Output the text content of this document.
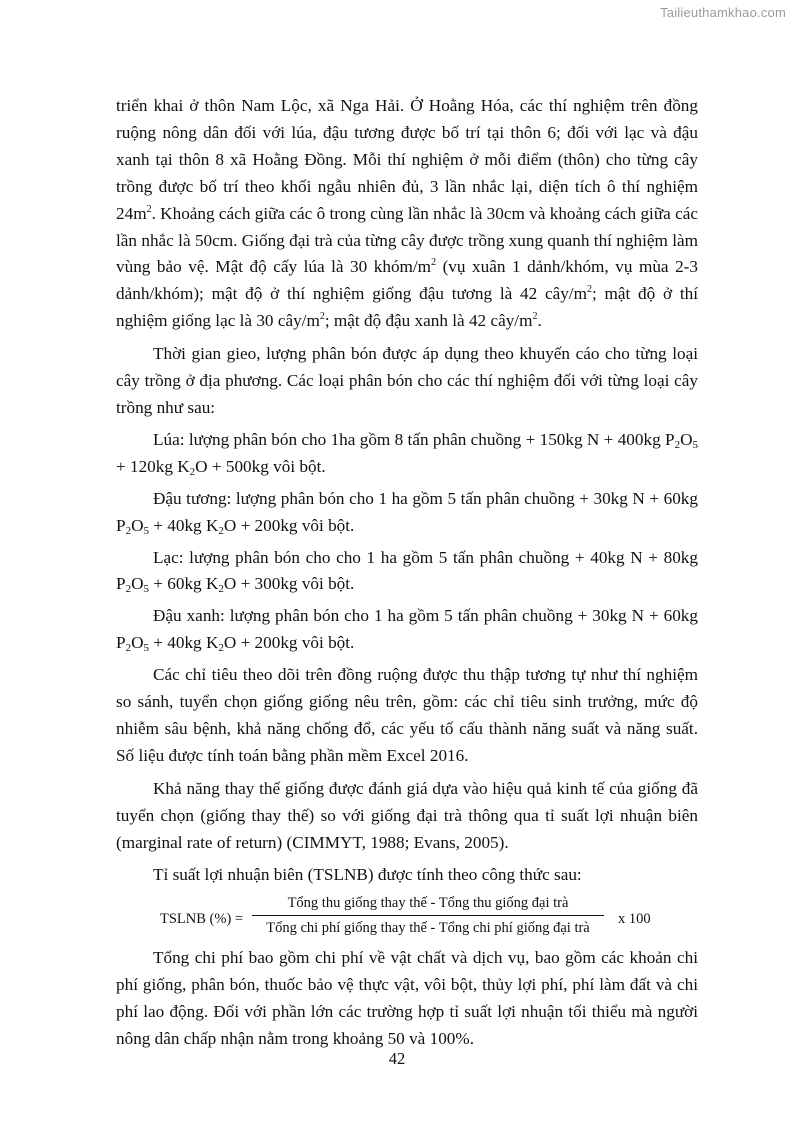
Tailieuthamkhao.com

triển khai ở thôn Nam Lộc, xã Nga Hải. Ở Hoằng Hóa, các thí nghiệm trên đồng ruộng nông dân đối với lúa, đậu tương được bố trí tại thôn 6; đối với lạc và đậu xanh tại thôn 8 xã Hoằng Đồng. Mỗi thí nghiệm ở mỗi điểm (thôn) cho từng cây trồng được bố trí theo khối ngẫu nhiên đủ, 3 lần nhắc lại, diện tích ô thí nghiệm $24m^2$. Khoảng cách giữa các ô trong cùng lần nhắc là 30cm và khoảng cách giữa các lần nhắc là 50cm. Giống đại trà của từng cây được trồng xung quanh thí nghiệm làm vùng bảo vệ. Mật độ cấy lúa là 30 khóm/$m^2$ (vụ xuân 1 dảnh/khóm, vụ mùa 2-3 dảnh/khóm); mật độ ở thí nghiệm giống đậu tương là 42 cây/$m^2$; mật độ ở thí nghiệm giống lạc là 30 cây/$m^2$; mật độ đậu xanh là 42 cây/$m^2$.

Thời gian gieo, lượng phân bón được áp dụng theo khuyến cáo cho từng loại cây trồng ở địa phương. Các loại phân bón cho các thí nghiệm đối với từng loại cây trồng như sau:

Lúa: lượng phân bón cho 1ha gồm 8 tấn phân chuồng + 150kg N + 400kg $P_2O_5 + 120kg$ $K_2O + 500kg$ vôi bột.

Đậu tương: lượng phân bón cho 1 ha gồm 5 tấn phân chuồng + 30kg N + 60kg $P_2O_5 + 40kg$ $K_2O + 200kg$ vôi bột.

Lạc: lượng phân bón cho cho 1 ha gồm 5 tấn phân chuồng + 40kg N + 80kg $P_2O_5 + 60kg$ $K_2O + 300kg$ vôi bột.

Đậu xanh: lượng phân bón cho 1 ha gồm 5 tấn phân chuồng + 30kg N + 60kg $P_2O_5 + 40kg$ $K_2O + 200kg$ vôi bột.

Các chỉ tiêu theo dõi trên đồng ruộng được thu thập tương tự như thí nghiệm so sánh, tuyển chọn giống giống nêu trên, gồm: các chỉ tiêu sinh trưởng, mức độ nhiễm sâu bệnh, khả năng chống đổ, các yếu tố cấu thành năng suất và năng suất. Số liệu được tính toán bằng phần mềm Excel 2016.

Khả năng thay thế giống được đánh giá dựa vào hiệu quả kinh tế của giống đã tuyển chọn (giống thay thế) so với giống đại trà thông qua tỉ suất lợi nhuận biên (marginal rate of return) (CIMMYT, 1988; Evans, 2005).

Tỉ suất lợi nhuận biên (TSLNB) được tính theo công thức sau:

TSLNB (%) =
Tổng thu giống thay thế - Tổng thu giống đại trà
Tổng chi phí giống thay thế - Tổng chi phí giống đại trà
x 100

Tổng chi phí bao gồm chi phí về vật chất và dịch vụ, bao gồm các khoản chi phí giống, phân bón, thuốc bảo vệ thực vật, vôi bột, thủy lợi phí, phí làm đất và chi phí lao động. Đối với phần lớn các trường hợp tỉ suất lợi nhuận tối thiểu mà người nông dân chấp nhận nằm trong khoảng 50 và 100%.

42
